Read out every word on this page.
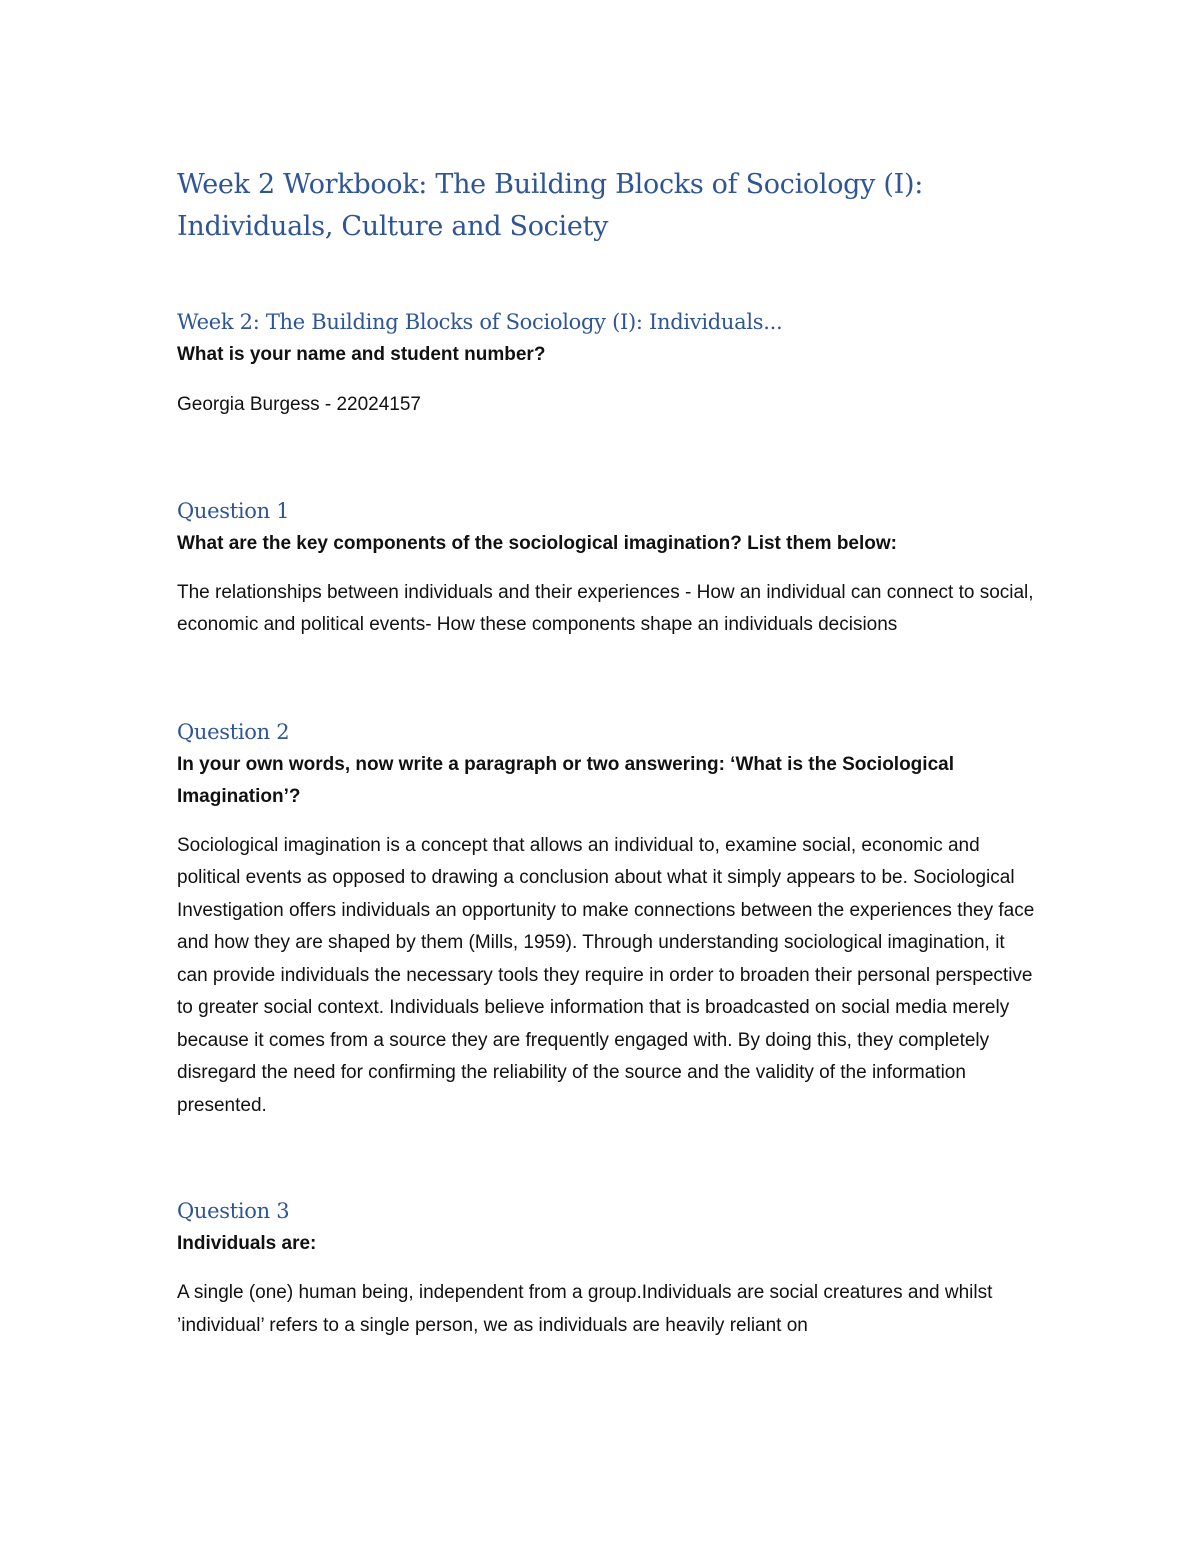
Week 2 Workbook: The Building Blocks of Sociology (I): Individuals, Culture and Society
Week 2: The Building Blocks of Sociology (I): Individuals...

What is your name and student number?

Georgia Burgess - 22024157

Question 1

What are the key components of the sociological imagination? List them below:

The relationships between individuals and their experiences - How an individual can connect to social, economic and political events- How these components shape an individuals decisions

Question 2

In your own words, now write a paragraph or two answering: ‘What is the Sociological Imagination’?

Sociological imagination is a concept that allows an individual to, examine social, economic and political events as opposed to drawing a conclusion about what it simply appears to be. Sociological Investigation offers individuals an opportunity to make connections between the experiences they face and how they are shaped by them (Mills, 1959). Through understanding sociological imagination, it can provide individuals the necessary tools they require in order to broaden their personal perspective to greater social context. Individuals believe information that is broadcasted on social media merely because it comes from a source they are frequently engaged with. By doing this, they completely disregard the need for confirming the reliability of the source and the validity of the information presented.

Question 3

Individuals are:

A single (one) human being, independent from a group.Individuals are social creatures and whilst ’individual’ refers to a single person, we as individuals are heavily reliant on
